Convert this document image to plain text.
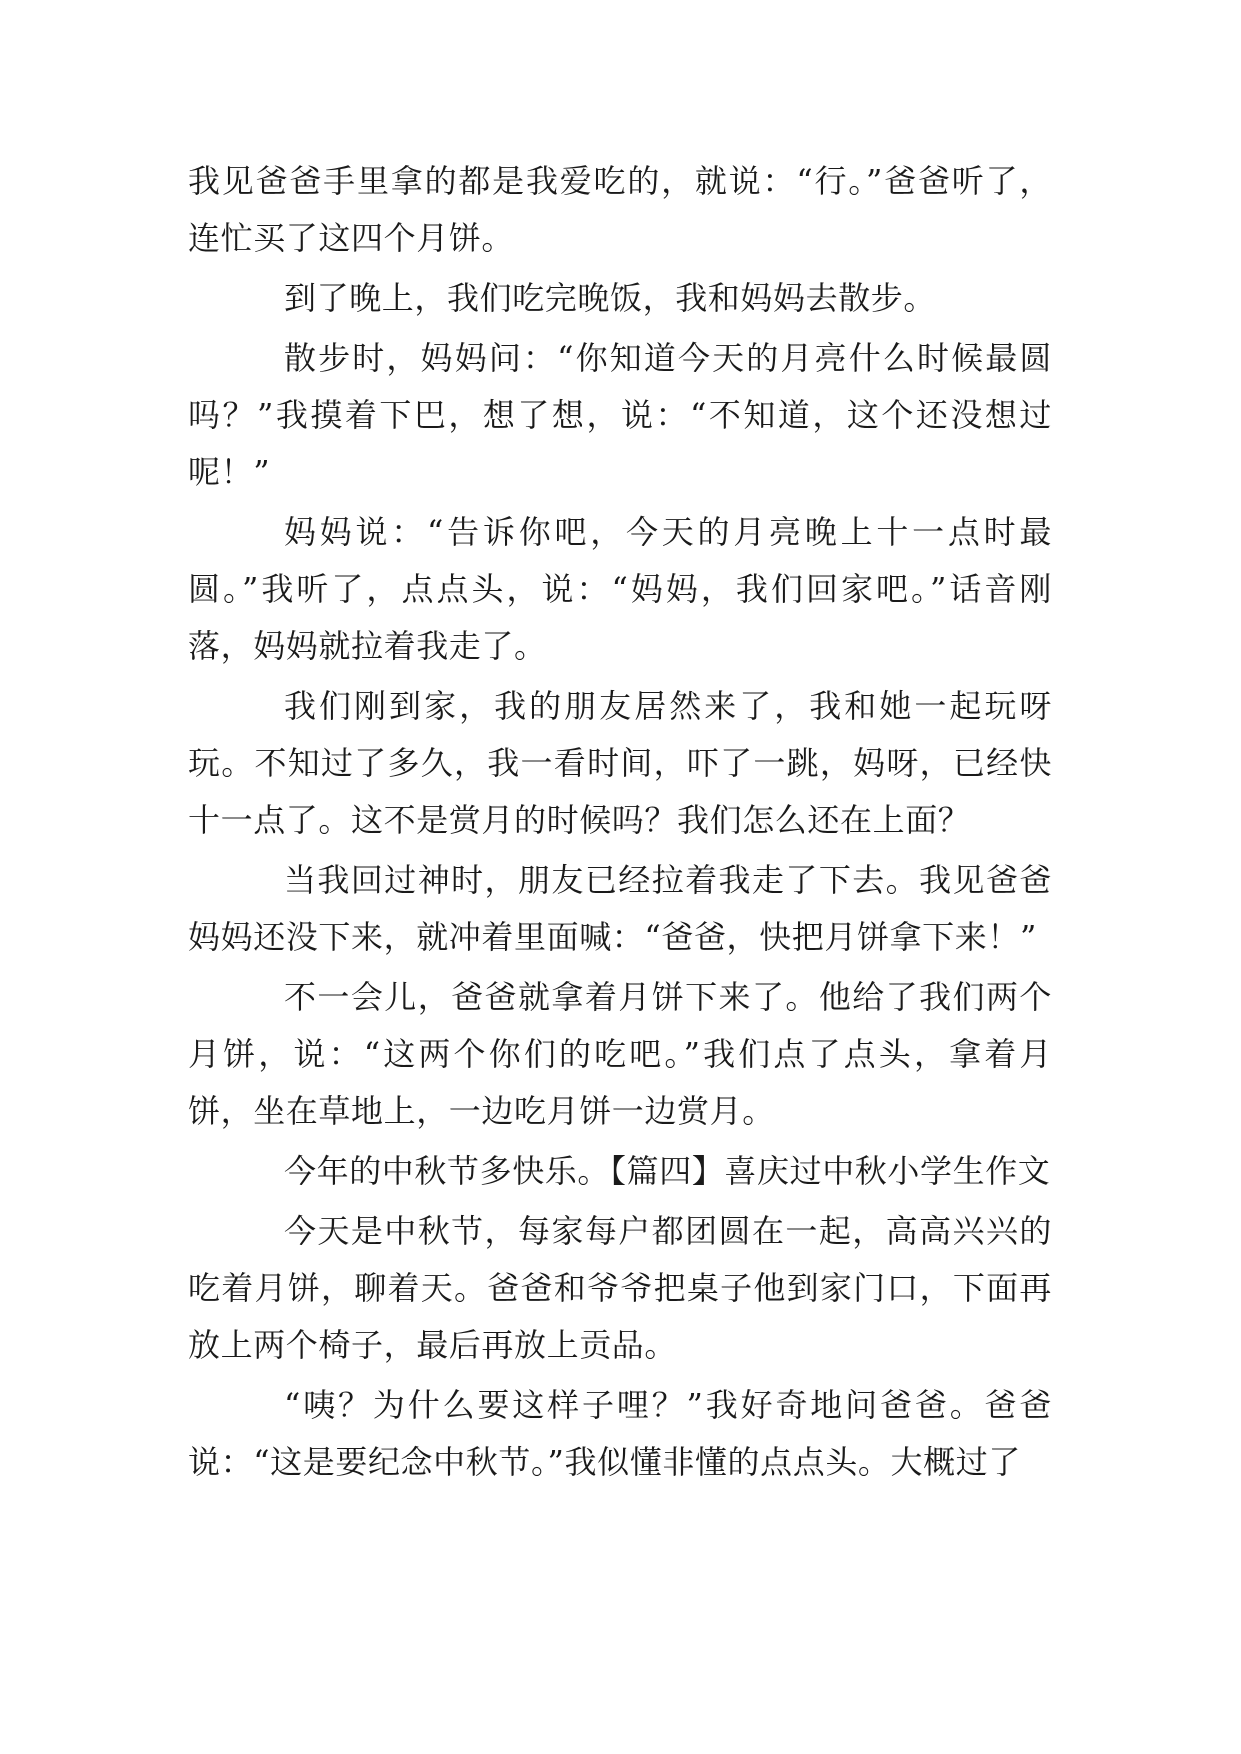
我见爸爸手里拿的都是我爱吃的，就说：“行。”爸爸听了，连忙买了这四个月饼。

到了晚上，我们吃完晚饭，我和妈妈去散步。

散步时，妈妈问：“你知道今天的月亮什么时候最圆吗？”我摸着下巴，想了想，说：“不知道，这个还没想过呢！”

妈妈说：“告诉你吧，今天的月亮晚上十一点时最圆。”我听了，点点头，说：“妈妈，我们回家吧。”话音刚落，妈妈就拉着我走了。

我们刚到家，我的朋友居然来了，我和她一起玩呀玩。不知过了多久，我一看时间，吓了一跳，妈呀，已经快十一点了。这不是赏月的时候吗？我们怎么还在上面？

当我回过神时，朋友已经拉着我走了下去。我见爸爸妈妈还没下来，就冲着里面喊：“爸爸，快把月饼拿下来！”

不一会儿，爸爸就拿着月饼下来了。他给了我们两个月饼，说：“这两个你们的吃吧。”我们点了点头，拿着月饼，坐在草地上，一边吃月饼一边赏月。

今年的中秋节多快乐。【篇四】喜庆过中秋小学生作文

今天是中秋节，每家每户都团圆在一起，高高兴兴的吃着月饼，聊着天。爸爸和爷爷把桌子他到家门口，下面再放上两个椅子，最后再放上贡品。

“咦？为什么要这样子哩？”我好奇地问爸爸。爸爸说：“这是要纪念中秋节。”我似懂非懂的点点头。大概过了
